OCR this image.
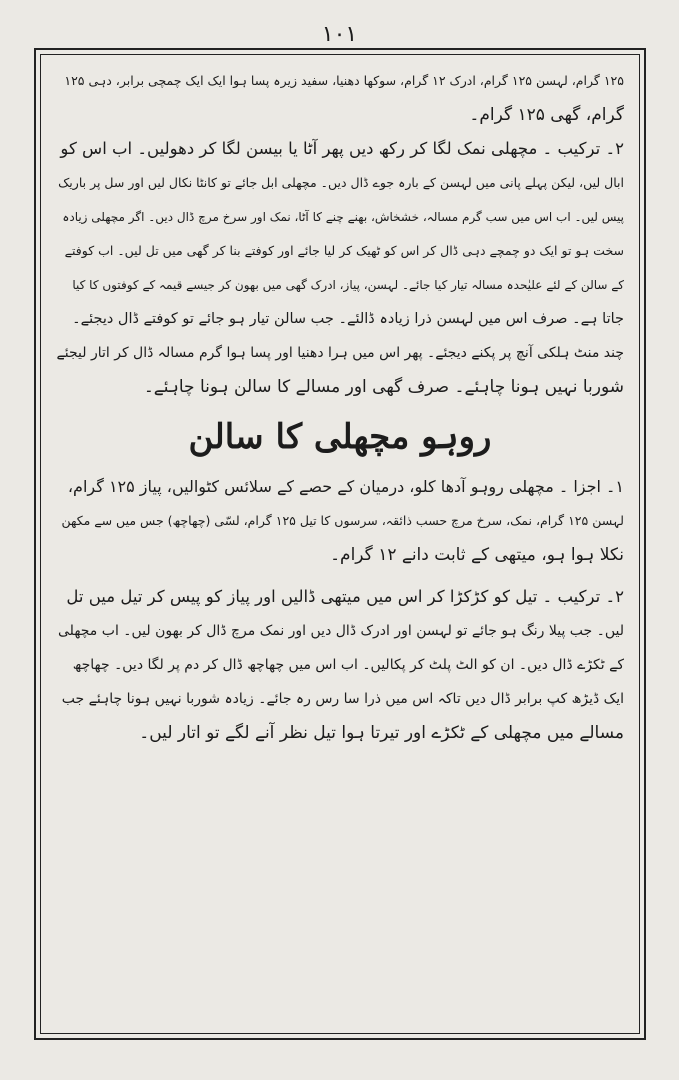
۱۰۱
۱۲۵ گرام، لہسن ۱۲۵ گرام، ادرک ۱۲ گرام، سوکھا دھنیا، سفید زیرہ پسا ہوا ایک ایک چمچی برابر، دہی ۱۲۵
گرام، گھی ۱۲۵ گرام۔
۲۔ ترکیب ۔ مچھلی نمک لگا کر رکھ دیں پھر آٹا یا بیسن لگا کر دھولیں۔ اب اس کو
ابال لیں، لیکن پہلے پانی میں لہسن کے بارہ جوے ڈال دیں۔ مچھلی ابل جائے تو کانٹا نکال لیں اور سل پر باریک
پیس لیں۔ اب اس میں سب گرم مسالہ، خشخاش، بھنے چنے کا آٹا، نمک اور سرخ مرچ ڈال دیں۔ اگر مچھلی زیادہ
سخت ہو تو ایک دو چمچے دہی ڈال کر اس کو ٹھیک کر لیا جائے اور کوفتے بنا کر گھی میں تل لیں۔ اب کوفتے
کے سالن کے لئے علیٰحدہ مسالہ تیار کیا جائے۔ لہسن، پیاز، ادرک گھی میں بھون کر جیسے قیمہ کے کوفتوں کا کیا
جاتا ہے۔ صرف اس میں لہسن ذرا زیادہ ڈالئے۔ جب سالن تیار ہو جائے تو کوفتے ڈال دیجئے۔
چند منٹ ہلکی آنچ پر پکنے دیجئے۔ پھر اس میں ہرا دھنیا اور پسا ہوا گرم مسالہ ڈال کر اتار لیجئے
شوربا نہیں ہونا چاہئے۔ صرف گھی اور مسالے کا سالن ہونا چاہئے۔
روہو مچھلی کا سالن
۱۔ اجزا ۔ مچھلی روہو آدھا کلو، درمیان کے حصے کے سلائس کٹوالیں، پیاز ۱۲۵ گرام،
لہسن ۱۲۵ گرام، نمک، سرخ مرچ حسب ذائقہ، سرسوں کا تیل ۱۲۵ گرام، لسّی (چھاچھ) جس میں سے مکھن
نکلا ہوا ہو، میتھی کے ثابت دانے ۱۲ گرام۔
۲۔ ترکیب ۔ تیل کو کڑکڑا کر اس میں میتھی ڈالیں اور پیاز کو پیس کر تیل میں تل
لیں۔ جب پیلا رنگ ہو جائے تو لہسن اور ادرک ڈال دیں اور نمک مرچ ڈال کر بھون لیں۔ اب مچھلی
کے ٹکڑے ڈال دیں۔ ان کو الٹ پلٹ کر پکالیں۔ اب اس میں چھاچھ ڈال کر دم پر لگا دیں۔ چھاچھ
ایک ڈیڑھ کپ برابر ڈال دیں تاکہ اس میں ذرا سا رس رہ جائے۔ زیادہ شوربا نہیں ہونا چاہئے جب
مسالے میں مچھلی کے ٹکڑے اور تیرتا ہوا تیل نظر آنے لگے تو اتار لیں۔
